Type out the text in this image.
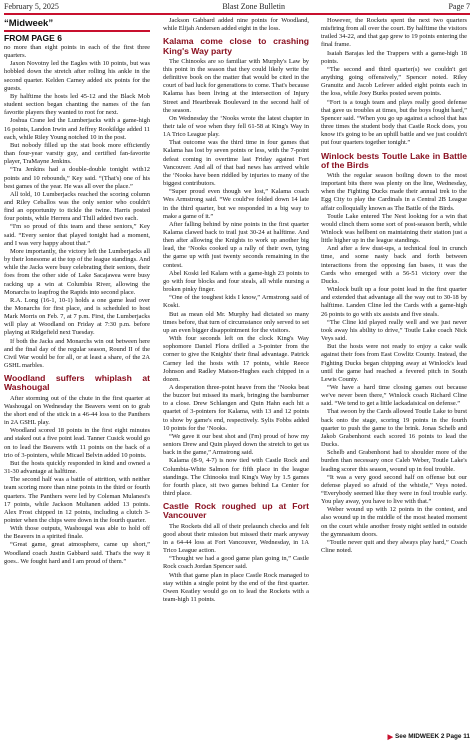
February 5, 2025	Blast Zone Bulletin	Page 7
“Midweek”
FROM PAGE 6

no more than eight points in each of the first three quarters.

Jaxon Novotny led the Eagles with 10 points, but was hobbled down the stretch after rolling his ankle in the second quarter. Kelden Carney added six points for the guests.

By halftime the hosts led 45-12 and the Black Mob student section began chanting the names of the fan favorite players they wanted to root for next.

Joshua Crane led the Lumberjacks with a game-high 16 points, Landon Irwin and Jeffrey Rookildge added 11 each, while Riley Young notched 10 in the post.

But nobody filled up the stat book more efficiently than four-year varsity guy, and certified fan-favorite player, TraMayne Jenkins.

“Tra Jenkins had a double-double tonight with12 points and 10 rebounds,” Key said. “(That's) one of his best games of the year. He was all over the place.”

All told, 10 Lumberjacks reached the scoring column and Riley Ceballos was the only senior who couldn't find an opportunity to tickle the twine. Harris posted four points, while Herrera and Thill added two each.

“I'm so proud of this team and these seniors,” Key said. “Every senior that played tonight had a moment, and I was very happy about that.”

More importantly, the victory left the Lumberjacks all by their lonesome at the top of the league standings. And while the Jacks were busy celebrating their seniors, their foes from the other side of Lake Sacajawea were busy racking up a win at Columbia River, allowing the Monarchs to leapfrog the Rapids into second place.

R.A. Long (16-1, 10-1) holds a one game lead over the Monarchs for first place, and is scheduled to host Mark Morris on Feb. 7, at 7 p.m. First, the Lumberjacks will play at Woodland on Friday at 7:30 p.m. before playing at Ridgefield next Tuesday.

If both the Jacks and Monarchs win out between here and the final day of the regular season, Round II of the Civil War would be for all, or at least a share, of the 2A GSHL marbles.

Woodland suffers whiplash at Washougal

After storming out of the chute in the first quarter at Washougal on Wednesday the Beavers went on to grab the short end of the stick in a 46-44 loss to the Panthers in 2A GSHL play.

Woodland scored 18 points in the first eight minutes and staked out a five point lead. Tanner Cusick would go on to lead the Beavers with 11 points on the back of a trio of 3-pointers, while Micael Belvin added 10 points.

But the hosts quickly responded in kind and owned a 31-30 advantage at halftime.

The second half was a battle of attrition, with neither team scoring more than nine points in the third or fourth quarters. The Panthers were led by Coleman Mulanesi's 17 points, while Jackson Multanen added 13 points. Alex Frost chipped in 12 points, including a clutch 3-pointer when the chips were down in the fourth quarter.

With those outputs, Washougal was able to hold off the Beavers in a spirited finale.

“Great game, great atmosphere, came up short,” Woodland coach Justin Gabbard said. That's the way it goes.. We fought hard and I am proud of them.”

Jackson Gabbard added nine points for Woodland, while Elijah Andersen added eight in the loss.

Kalama come close to crashing King's Way party

The Chinooks are so familiar with Murphy's Law by this point in the season that they could likely write the definitive book on the matter that would be cited in the court of bad luck for generations to come. That's because Kalama has been living at the intersection of Injury Street and Heartbreak Boulevard in the second half of the season.

On Wednesday the ‘Nooks wrote the latest chapter in their tale of woe when they fell 61-58 at King's Way in 1A Trico League play.

That outcome was the third time in four games that Kalama has lost by seven points or less, with the 7-point defeat coming in overtime last Friday against Fort Vancouver. And all of that bad news has arrived while the ‘Nooks have been riddled by injuries to many of the biggest contributors.

“Super proud even though we lost,” Kalama coach Wes Armstrong said. “We could've folded down 14 late in the third quarter, but we responded in a big way to make a game of it.”

After falling behind by nine points in the first quarter Kalama clawed back to trail just 30-24 at halftime. And then after allowing the Knights to work up another big lead, the ‘Nooks cooked up a rally of their own, tying the game up with just twenty seconds remaining in the contest.

Abel Koski led Kalam with a game-high 23 points to go with four blocks and four steals, all while nursing a broken pinky finger.

“One of the toughest kids I know,” Armstrong said of Koski.

But as mean old Mr. Murphy had dictated so many times before, that turn of circumstance only served to set up an even bigger disappointment for the visitors.

With four seconds left on the clock King's Way sophomore Daniel Flora drilled a 3-pointer from the corner to give the Knights' their final advantage. Patrick Carney led the hosts with 17 points, while Reece Johnson and Radley Matson-Hughes each chipped in a dozen.

A desperation three-point heave from the ‘Nooks beat the buzzer but missed its mark, bringing the barnburner to a close. Drew Schlangen and Quin Hahn each hit a quartet of 3-pointers for Kalama, with 13 and 12 points to show by game's end, respectively. Sylis Fobbs added 10 points for the ‘Nooks.

“We gave it our best shot and (I'm) proud of how my seniors Drew and Quin played down the stretch to get us back in the game,” Armstrong said.

Kalama (8-9, 4-7) is now tied with Castle Rock and Columbia-White Salmon for fifth place in the league standings. The Chinooks trail King's Way by 1.5 games for fourth place, sit two games behind La Center for third place.

Castle Rock roughed up at Fort Vancouver

The Rockets did all of their prelaunch checks and felt good about their mission but missed their mark anyway in a 64-44 loss at Fort Vancouver, Wednesday, in 1A Trico League action.

“Thought we had a good game plan going in,” Castle Rock coach Jordan Spencer said.

With that game plan in place Castle Rock managed to stay within a single point by the end of the first quarter. Owen Keatley would go on to lead the Rockets with a team-high 11 points.

However, the Rockets spent the next two quarters misfiring from all over the court. By halftime the visitors trailed 34-22, and that gap grew to 19 points entering the final frame.

Isaiah Barajas led the Trappers with a game-high 18 points.

“The second and third quarter(s) we couldn't get anything going offensively,” Spencer noted. Riley Granuitz and Jacob Lefever added eight points each in the loss, while Joey Burks posted seven points.

“Fort is a tough team and plays really good defense that gave us troubles at times, but the boys fought hard,” Spencer said. “When you go up against a school that has three times the student body that Castle Rock does, you know it's going to be an uphill battle and we just couldn't put four quarters together tonight.”

Winlock bests Toutle Lake in Battle of the Birds

With the regular season boiling down to the most important bits there was plenty on the line, Wednesday, when the Fighting Ducks made their annual trek to the Egg City to play the Cardinals in a Central 2B League affair colloquially known as The Battle of the Birds.

Toutle Lake entered The Nest looking for a win that would clinch them some sort of post-season berth, while Winlock was hellbent on maintaining their station just a little higher up in the league standings.

And after a few dust-ups, a technical foul in crunch time, and some nasty back and forth between interactions from the opposing fan bases, it was the Cards who emerged with a 56-51 victory over the Ducks.

Winlock built up a four point lead in the first quarter and extended that advantage all the way out to 30-18 by halftime. Landen Cline led the Cards with a game-high 26 points to go with six assists and five steals.

“The Cline kid played really well and we just never took away his ability to drive,” Toutle Lake coach Nick Veys said.

But the hosts were not ready to enjoy a cake walk against their foes from East Cowlitz County. Instead, the Fighting Ducks began chipping away at Winlock's lead until the game had reached a fevered pitch in South Lewis County.

“We have a hard time closing games out because we've never been there,” Winlock coach Richard Cline said. “We tend to get a little lackadaisical on defense.”

That swoon by the Cards allowed Toutle Lake to burst back onto the stage, scoring 19 points in the fourth quarter to push the game to the brink. Jonas Schelb and Jakob Grabenhorst each scored 16 points to lead the Ducks.

Schelb and Grabenhorst had to shoulder more of the burden than necessary once Caleb Weber, Toutle Lake's leading scorer this season, wound up in foul trouble.

“It was a very good second half on offense but our defense played so afraid of the whistle,” Veys noted. “Everybody seemed like they were in foul trouble early. You play away, you have to live with that.”

Weber wound up with 12 points in the contest, and also wound up in the middle of the most heated moment on the court while another frosty night settled in outside the gymnasium doors.

“Toutle never quit and they always play hard,” Coach Cline noted.

▶ See MIDWEEK 2 Page 11
